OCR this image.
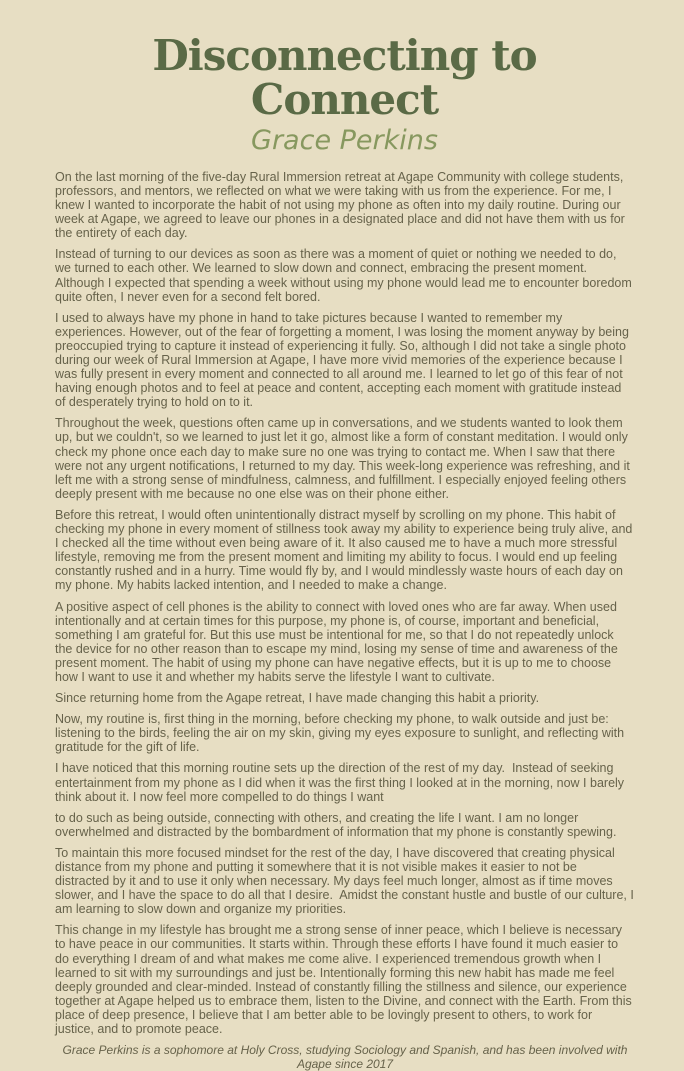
Disconnecting to Connect
Grace Perkins

On the last morning of the five-day Rural Immersion retreat at Agape Community with college students, professors, and mentors, we reflected on what we were taking with us from the experience. For me, I knew I wanted to incorporate the habit of not using my phone as often into my daily routine. During our week at Agape, we agreed to leave our phones in a designated place and did not have them with us for the entirety of each day.

Instead of turning to our devices as soon as there was a moment of quiet or nothing we needed to do, we turned to each other. We learned to slow down and connect, embracing the present moment. Although I expected that spending a week without using my phone would lead me to encounter boredom quite often, I never even for a second felt bored.

I used to always have my phone in hand to take pictures because I wanted to remember my experiences. However, out of the fear of forgetting a moment, I was losing the moment anyway by being preoccupied trying to capture it instead of experiencing it fully. So, although I did not take a single photo during our week of Rural Immersion at Agape, I have more vivid memories of the experience because I was fully present in every moment and connected to all around me. I learned to let go of this fear of not having enough photos and to feel at peace and content, accepting each moment with gratitude instead of desperately trying to hold on to it.

Throughout the week, questions often came up in conversations, and we students wanted to look them up, but we couldn't, so we learned to just let it go, almost like a form of constant meditation. I would only check my phone once each day to make sure no one was trying to contact me. When I saw that there were not any urgent notifications, I returned to my day. This week-long experience was refreshing, and it left me with a strong sense of mindfulness, calmness, and fulfillment. I especially enjoyed feeling others deeply present with me because no one else was on their phone either.

Before this retreat, I would often unintentionally distract myself by scrolling on my phone. This habit of checking my phone in every moment of stillness took away my ability to experience being truly alive, and I checked all the time without even being aware of it. It also caused me to have a much more stressful lifestyle, removing me from the present moment and limiting my ability to focus. I would end up feeling constantly rushed and in a hurry. Time would fly by, and I would mindlessly waste hours of each day on my phone. My habits lacked intention, and I needed to make a change.

A positive aspect of cell phones is the ability to connect with loved ones who are far away. When used intentionally and at certain times for this purpose, my phone is, of course, important and beneficial, something I am grateful for. But this use must be intentional for me, so that I do not repeatedly unlock the device for no other reason than to escape my mind, losing my sense of time and awareness of the present moment. The habit of using my phone can have negative effects, but it is up to me to choose how I want to use it and whether my habits serve the lifestyle I want to cultivate.

Since returning home from the Agape retreat, I have made changing this habit a priority.

Now, my routine is, first thing in the morning, before checking my phone, to walk outside and just be: listening to the birds, feeling the air on my skin, giving my eyes exposure to sunlight, and reflecting with gratitude for the gift of life.

I have noticed that this morning routine sets up the direction of the rest of my day.  Instead of seeking entertainment from my phone as I did when it was the first thing I looked at in the morning, now I barely think about it. I now feel more compelled to do things I want

to do such as being outside, connecting with others, and creating the life I want. I am no longer overwhelmed and distracted by the bombardment of information that my phone is constantly spewing.

To maintain this more focused mindset for the rest of the day, I have discovered that creating physical distance from my phone and putting it somewhere that it is not visible makes it easier to not be distracted by it and to use it only when necessary. My days feel much longer, almost as if time moves slower, and I have the space to do all that I desire.  Amidst the constant hustle and bustle of our culture, I am learning to slow down and organize my priorities.

This change in my lifestyle has brought me a strong sense of inner peace, which I believe is necessary to have peace in our communities. It starts within. Through these efforts I have found it much easier to do everything I dream of and what makes me come alive. I experienced tremendous growth when I learned to sit with my surroundings and just be. Intentionally forming this new habit has made me feel deeply grounded and clear-minded. Instead of constantly filling the stillness and silence, our experience together at Agape helped us to embrace them, listen to the Divine, and connect with the Earth. From this place of deep presence, I believe that I am better able to be lovingly present to others, to work for justice, and to promote peace.

Grace Perkins is a sophomore at Holy Cross, studying Sociology and Spanish, and has been involved with Agape since 2017
